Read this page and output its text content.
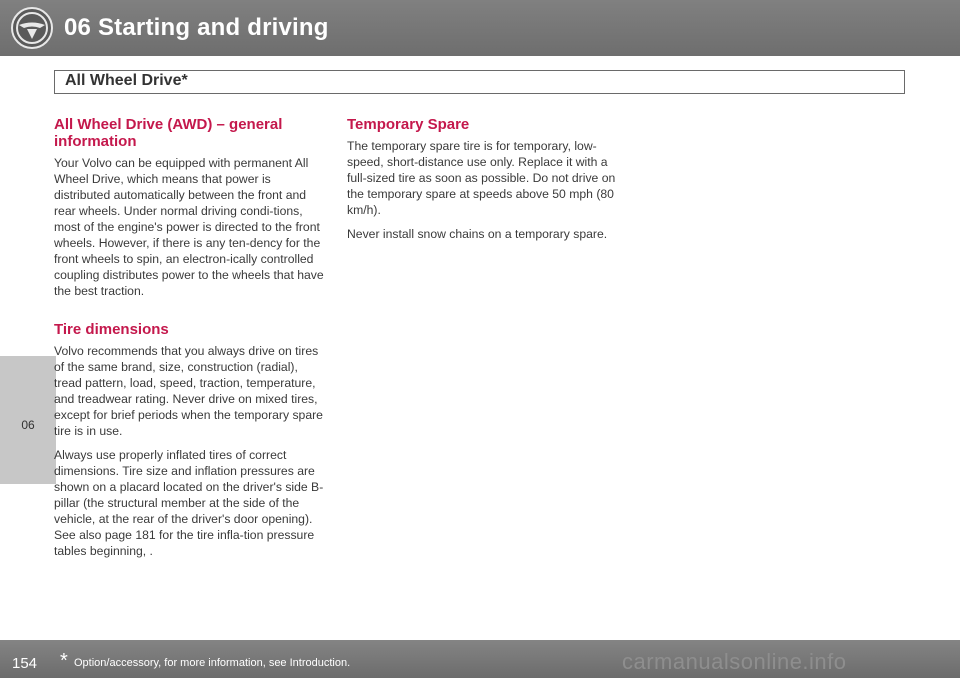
06 Starting and driving
06
All Wheel Drive*
All Wheel Drive (AWD) – general information

Your Volvo can be equipped with permanent All Wheel Drive, which means that power is distributed automatically between the front and rear wheels. Under normal driving condi-tions, most of the engine's power is directed to the front wheels. However, if there is any ten-dency for the front wheels to spin, an electron-ically controlled coupling distributes power to the wheels that have the best traction.

Tire dimensions

Volvo recommends that you always drive on tires of the same brand, size, construction (radial), tread pattern, load, speed, traction, temperature, and treadwear rating. Never drive on mixed tires, except for brief periods when the temporary spare tire is in use.

Always use properly inflated tires of correct dimensions. Tire size and inflation pressures are shown on a placard located on the driver's side B-pillar (the structural member at the side of the vehicle, at the rear of the driver's door opening). See also page 181 for the tire infla-tion pressure tables beginning, .

Temporary Spare

The temporary spare tire is for temporary, low-speed, short-distance use only. Replace it with a full-sized tire as soon as possible. Do not drive on the temporary spare at speeds above 50 mph (80 km/h).

Never install snow chains on a temporary spare.

154 * Option/accessory, for more information, see Introduction.	carmanualsonline.info
